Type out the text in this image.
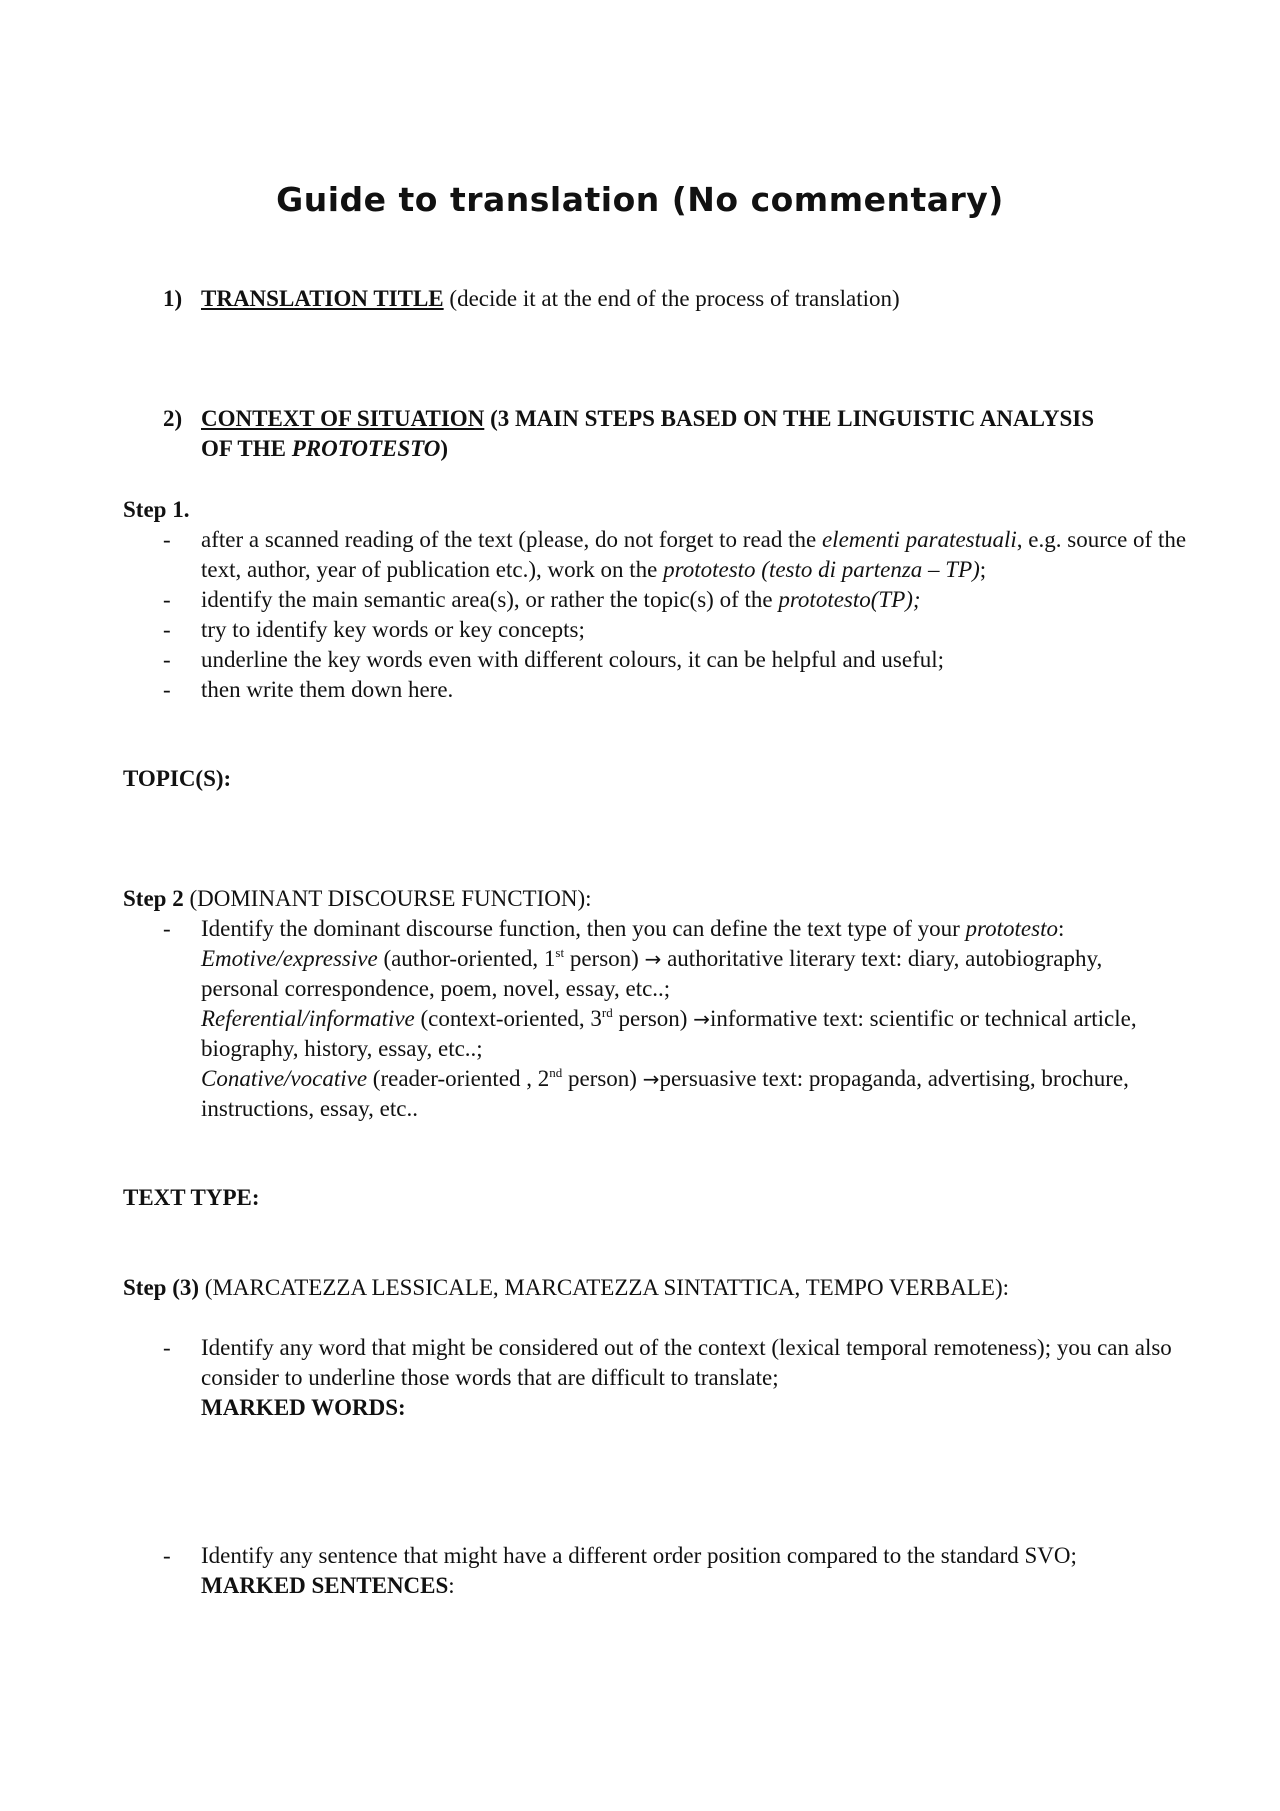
Guide to translation (No commentary)
1) TRANSLATION TITLE (decide it at the end of the process of translation)
2) CONTEXT OF SITUATION (3 MAIN STEPS BASED ON THE LINGUISTIC ANALYSIS OF THE PROTOTESTO)
Step 1.
- after a scanned reading of the text (please, do not forget to read the elementi paratestuali, e.g. source of the text, author, year of publication etc.), work on the prototesto (testo di partenza – TP);
- identify the main semantic area(s), or rather the topic(s) of the prototesto(TP);
- try to identify key words or key concepts;
- underline the key words even with different colours, it can be helpful and useful;
- then write them down here.
TOPIC(S):
Step 2 (DOMINANT DISCOURSE FUNCTION):
- Identify the dominant discourse function, then you can define the text type of your prototesto:
Emotive/expressive (author-oriented, 1st person) → authoritative literary text: diary, autobiography, personal correspondence, poem, novel, essay, etc..;
Referential/informative (context-oriented, 3rd person) →informative text: scientific or technical article, biography, history, essay, etc..;
Conative/vocative (reader-oriented , 2nd person) →persuasive text: propaganda, advertising, brochure, instructions, essay, etc..
TEXT TYPE:
Step (3) (MARCATEZZA LESSICALE, MARCATEZZA SINTATTICA, TEMPO VERBALE):
- Identify any word that might be considered out of the context (lexical temporal remoteness); you can also consider to underline those words that are difficult to translate;
MARKED WORDS:
- Identify any sentence that might have a different order position compared to the standard SVO;
MARKED SENTENCES:
